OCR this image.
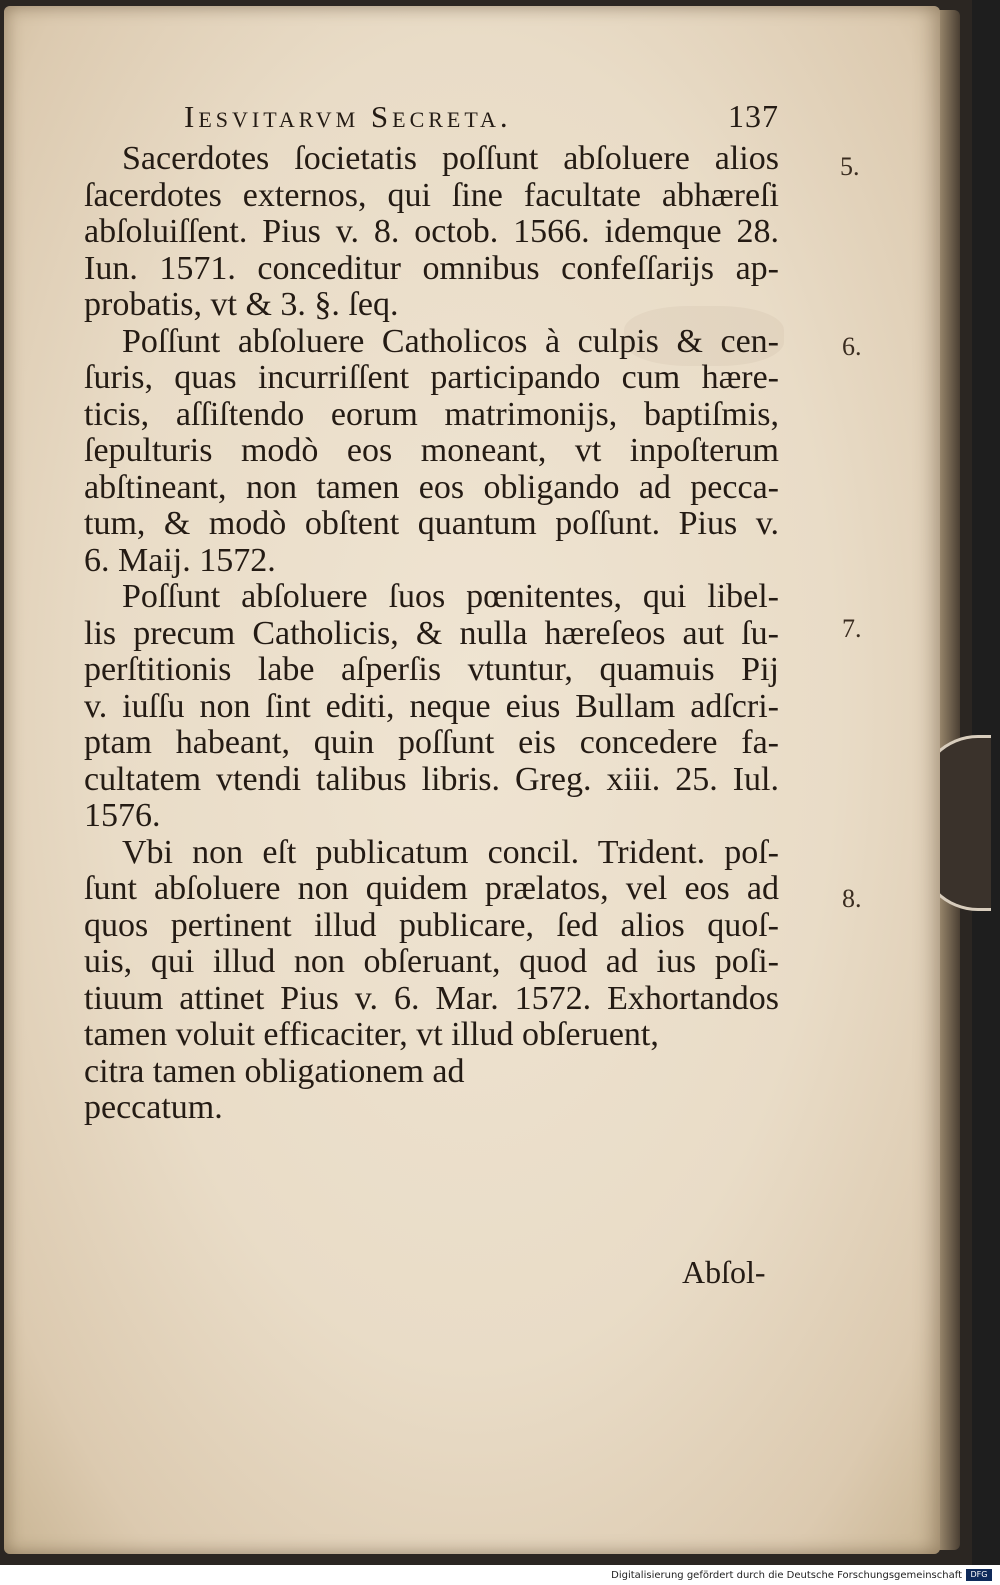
Iesvitarvm Secreta.	137

Sacerdotes ſocietatis poſſunt abſoluere alios
ſacerdotes externos, qui ſine facultate abhæreſi
abſoluiſſent. Pius v. 8. octob. 1566. idemque 28.
Iun. 1571. conceditur omnibus confeſſarijs ap-
probatis, vt & 3. §. ſeq.

Poſſunt abſoluere Catholicos à culpis & cen-
ſuris, quas incurriſſent participando cum hære-
ticis, aſſiſtendo eorum matrimonijs, baptiſmis,
ſepulturis modò eos moneant, vt inpoſterum
abſtineant, non tamen eos obligando ad pecca-
tum, & modò obſtent quantum poſſunt. Pius v.
6. Maij. 1572.

Poſſunt abſoluere ſuos pœnitentes, qui libel-
lis precum Catholicis, & nulla hæreſeos aut ſu-
perſtitionis labe aſperſis vtuntur, quamuis Pij
v. iuſſu non ſint editi, neque eius Bullam adſcri-
ptam habeant, quin poſſunt eis concedere fa-
cultatem vtendi talibus libris. Greg. xiii. 25. Iul.
1576.

Vbi non eſt publicatum concil. Trident. poſ-
ſunt abſoluere non quidem prælatos, vel eos ad
quos pertinent illud publicare, ſed alios quoſ-
uis, qui illud non obſeruant, quod ad ius poſi-
tiuum attinet Pius v. 6. Mar. 1572. Exhortandos
tamen voluit efficaciter, vt illud obſeruent,
citra tamen obligationem ad
peccatum.

Abſol-
5.
6.
7.
8.
Digitalisierung gefördert durch die Deutsche Forschungsgemeinschaft	DFG
